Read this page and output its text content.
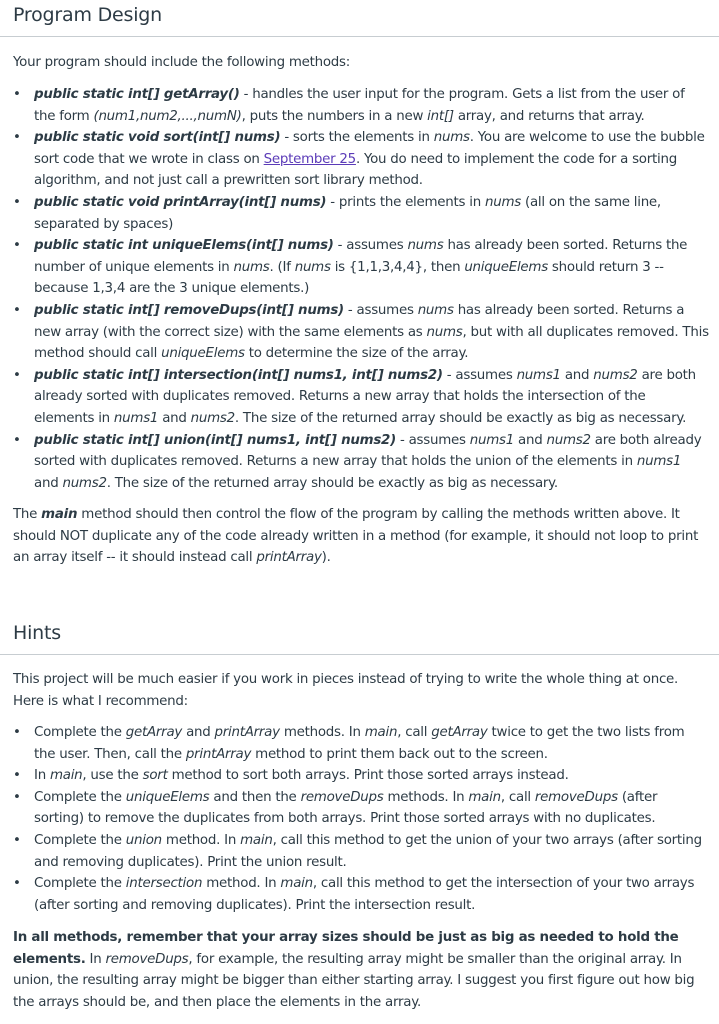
Program Design

Your program should include the following methods:

• public static int[] getArray() - handles the user input for the program. Gets a list from the user of the form (num1,num2,...,numN), puts the numbers in a new int[] array, and returns that array.
• public static void sort(int[] nums) - sorts the elements in nums. You are welcome to use the bubble sort code that we wrote in class on September 25. You do need to implement the code for a sorting algorithm, and not just call a prewritten sort library method.
• public static void printArray(int[] nums) - prints the elements in nums (all on the same line, separated by spaces)
• public static int uniqueElems(int[] nums) - assumes nums has already been sorted. Returns the number of unique elements in nums. (If nums is {1,1,3,4,4}, then uniqueElems should return 3 -- because 1,3,4 are the 3 unique elements.)
• public static int[] removeDups(int[] nums) - assumes nums has already been sorted. Returns a new array (with the correct size) with the same elements as nums, but with all duplicates removed. This method should call uniqueElems to determine the size of the array.
• public static int[] intersection(int[] nums1, int[] nums2) - assumes nums1 and nums2 are both already sorted with duplicates removed. Returns a new array that holds the intersection of the elements in nums1 and nums2. The size of the returned array should be exactly as big as necessary.
• public static int[] union(int[] nums1, int[] nums2) - assumes nums1 and nums2 are both already sorted with duplicates removed. Returns a new array that holds the union of the elements in nums1 and nums2. The size of the returned array should be exactly as big as necessary.

The main method should then control the flow of the program by calling the methods written above. It should NOT duplicate any of the code already written in a method (for example, it should not loop to print an array itself -- it should instead call printArray).

Hints

This project will be much easier if you work in pieces instead of trying to write the whole thing at once. Here is what I recommend:

• Complete the getArray and printArray methods. In main, call getArray twice to get the two lists from the user. Then, call the printArray method to print them back out to the screen.
• In main, use the sort method to sort both arrays. Print those sorted arrays instead.
• Complete the uniqueElems and then the removeDups methods. In main, call removeDups (after sorting) to remove the duplicates from both arrays. Print those sorted arrays with no duplicates.
• Complete the union method. In main, call this method to get the union of your two arrays (after sorting and removing duplicates). Print the union result.
• Complete the intersection method. In main, call this method to get the intersection of your two arrays (after sorting and removing duplicates). Print the intersection result.

In all methods, remember that your array sizes should be just as big as needed to hold the elements. In removeDups, for example, the resulting array might be smaller than the original array. In union, the resulting array might be bigger than either starting array. I suggest you first figure out how big the arrays should be, and then place the elements in the array.
